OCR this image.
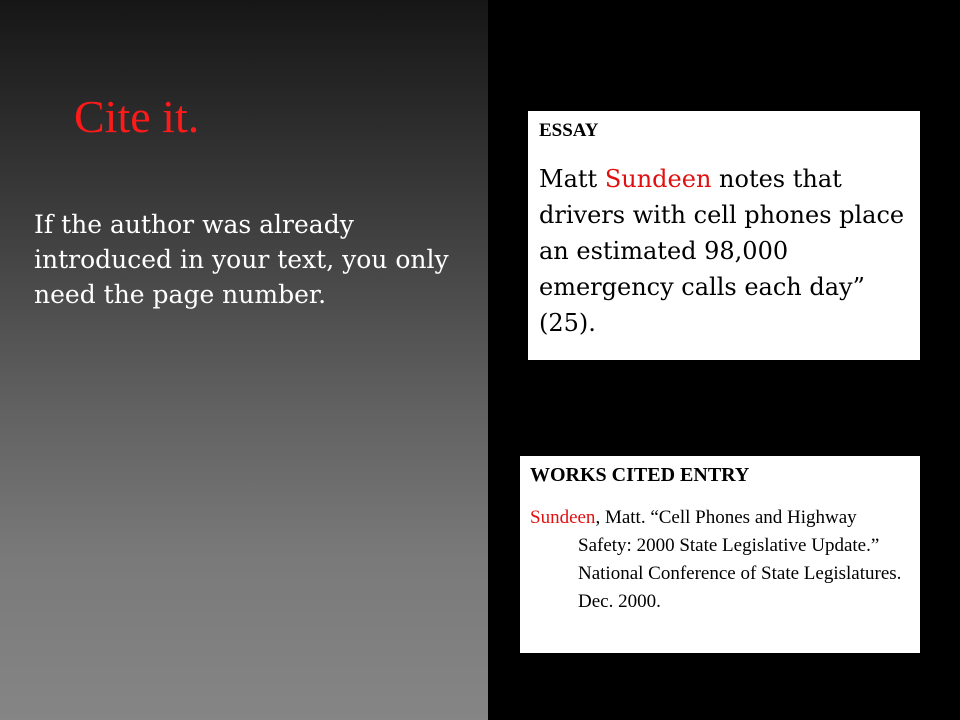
Cite it.

If the author was already introduced in your text, you only need the page number.

ESSAY

Matt Sundeen notes that drivers with cell phones place an estimated 98,000 emergency calls each day” (25).

WORKS CITED ENTRY

Sundeen, Matt. “Cell Phones and Highway Safety: 2000 State Legislative Update.” National Conference of State Legislatures. Dec. 2000.
